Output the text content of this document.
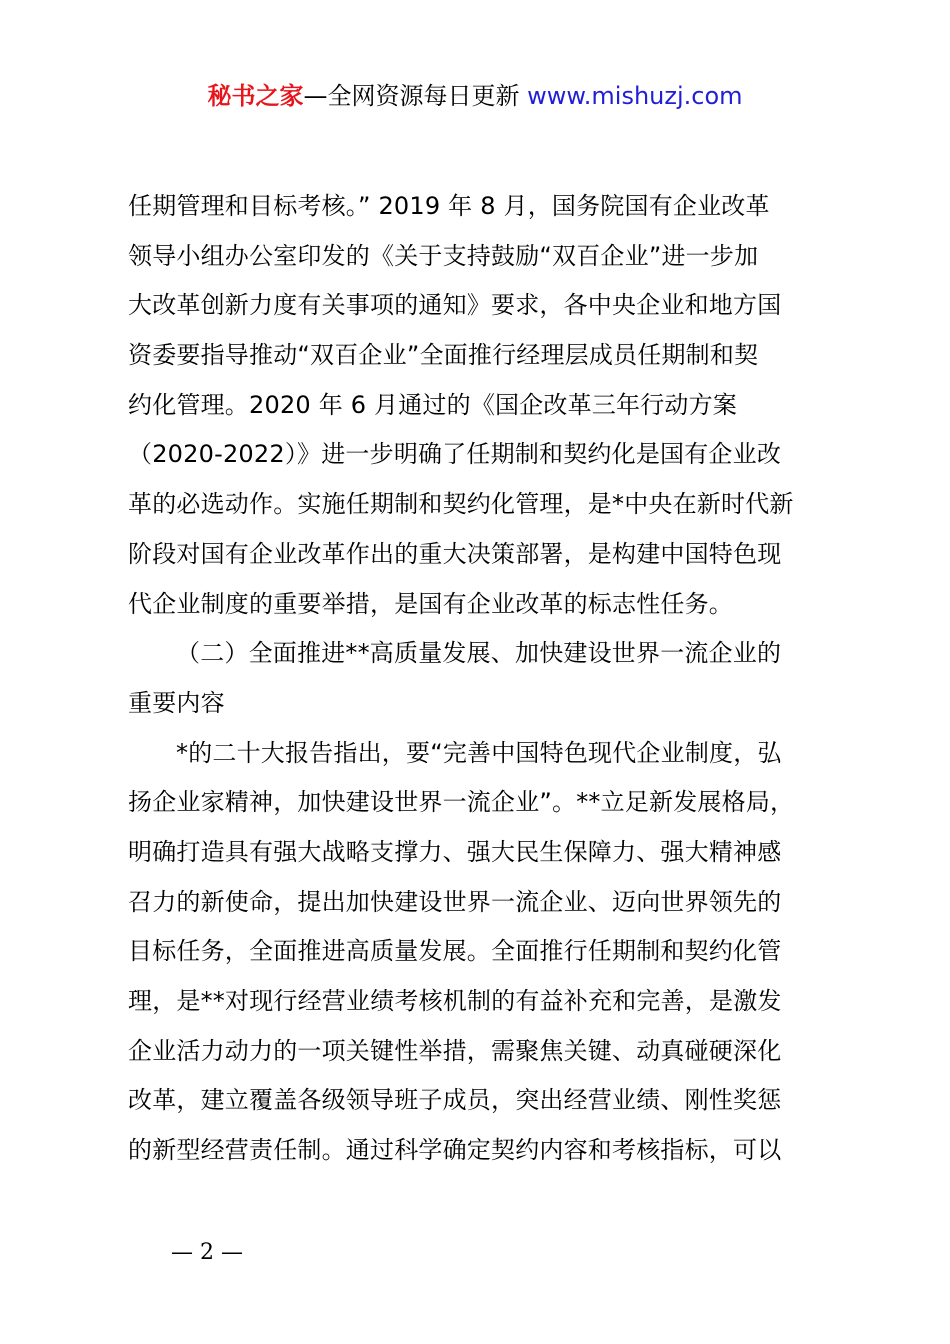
秘书之家—全网资源每日更新 www.mishuzj.com
任期管理和目标考核。” 2019 年 8 月，国务院国有企业改革
领导小组办公室印发的《关于支持鼓励“双百企业”进一步加
大改革创新力度有关事项的通知》要求，各中央企业和地方国
资委要指导推动“双百企业”全面推行经理层成员任期制和契
约化管理。2020 年 6 月通过的《国企改革三年行动方案
（2020-2022）》进一步明确了任期制和契约化是国有企业改
革的必选动作。实施任期制和契约化管理，是*中央在新时代新
阶段对国有企业改革作出的重大决策部署，是构建中国特色现
代企业制度的重要举措，是国有企业改革的标志性任务。
（二）全面推进**高质量发展、加快建设世界一流企业的
重要内容
*的二十大报告指出，要“完善中国特色现代企业制度，弘
扬企业家精神，加快建设世界一流企业”。**立足新发展格局，
明确打造具有强大战略支撑力、强大民生保障力、强大精神感
召力的新使命，提出加快建设世界一流企业、迈向世界领先的
目标任务，全面推进高质量发展。全面推行任期制和契约化管
理，是**对现行经营业绩考核机制的有益补充和完善，是激发
企业活力动力的一项关键性举措，需聚焦关键、动真碰硬深化
改革，建立覆盖各级领导班子成员，突出经营业绩、刚性奖惩
的新型经营责任制。通过科学确定契约内容和考核指标，可以
— 2 —
